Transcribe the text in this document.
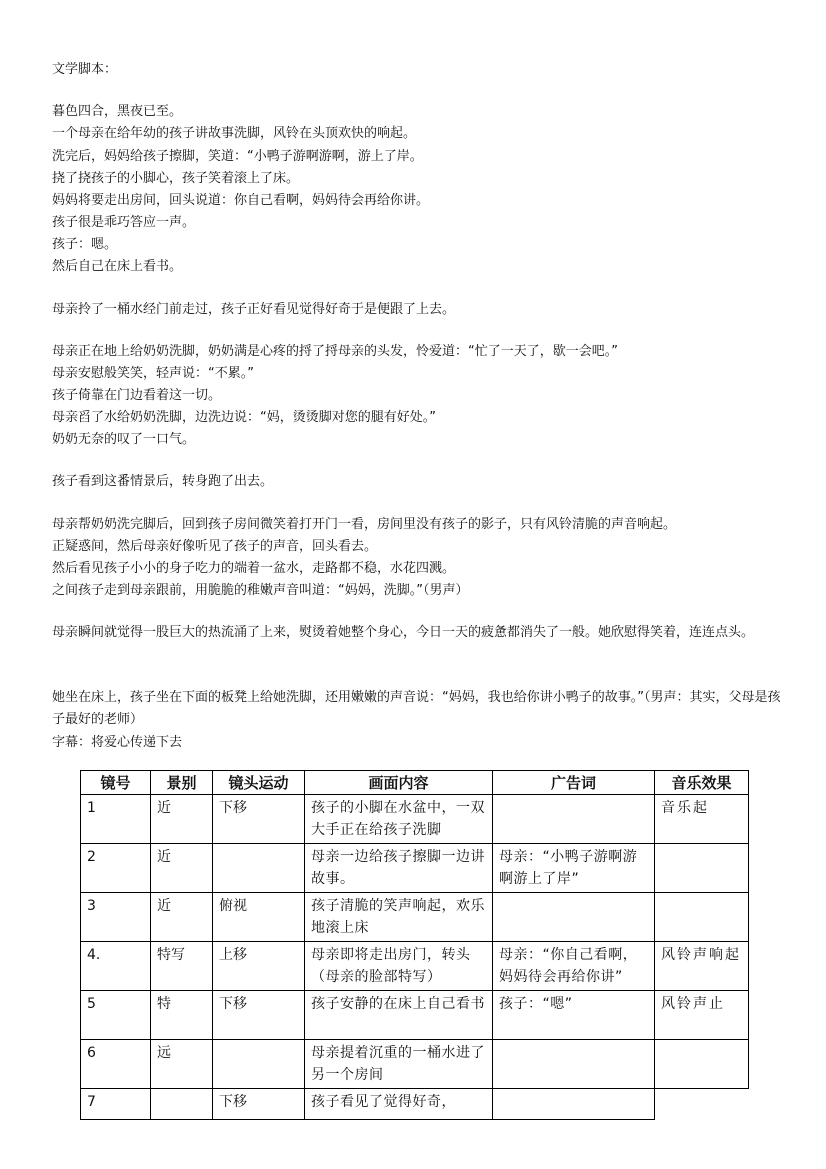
文学脚本：
暮色四合，黑夜已至。
一个母亲在给年幼的孩子讲故事洗脚，风铃在头顶欢快的响起。
洗完后，妈妈给孩子擦脚，笑道：“小鸭子游啊游啊，游上了岸。
挠了挠孩子的小脚心，孩子笑着滚上了床。
妈妈将要走出房间，回头说道：你自己看啊，妈妈待会再给你讲。
孩子很是乖巧答应一声。
孩子：嗯。
然后自己在床上看书。
母亲拎了一桶水经门前走过，孩子正好看见觉得好奇于是便跟了上去。
母亲正在地上给奶奶洗脚，奶奶满是心疼的捋了捋母亲的头发，怜爱道：“忙了一天了，歇一会吧。”
母亲安慰般笑笑，轻声说：“不累。”
孩子倚靠在门边看着这一切。
母亲舀了水给奶奶洗脚，边洗边说：“妈，烫烫脚对您的腿有好处。”
奶奶无奈的叹了一口气。
孩子看到这番情景后，转身跑了出去。
母亲帮奶奶洗完脚后，回到孩子房间微笑着打开门一看，房间里没有孩子的影子，只有风铃清脆的声音响起。
正疑惑间，然后母亲好像听见了孩子的声音，回头看去。
然后看见孩子小小的身子吃力的端着一盆水，走路都不稳，水花四溅。
之间孩子走到母亲跟前，用脆脆的稚嫩声音叫道：“妈妈，洗脚。”（男声）
母亲瞬间就觉得一股巨大的热流涌了上来，熨烫着她整个身心，今日一天的疲惫都消失了一般。她欣慰得笑着，连连点头。
她坐在床上，孩子坐在下面的板凳上给她洗脚，还用嫩嫩的声音说：“妈妈，我也给你讲小鸭子的故事。”（男声：其实，父母是孩子最好的老师）
字幕：将爱心传递下去
镜号	景别	镜头运动	画面内容	广告词	音乐效果
1	近	下移	孩子的小脚在水盆中，一双大手正在给孩子洗脚		音乐起
2	近		母亲一边给孩子擦脚一边讲故事。	母亲：“小鸭子游啊游啊游上了岸”	
3	近	俯视	孩子清脆的笑声响起，欢乐地滚上床		
4.	特写	上移	母亲即将走出房门，转头（母亲的脸部特写）	母亲：“你自己看啊，妈妈待会再给你讲”	风铃声响起
5	特	下移	孩子安静的在床上自己看书	孩子：“嗯”	风铃声止
6	远		母亲提着沉重的一桶水进了另一个房间		
7		下移	孩子看见了觉得好奇，		
